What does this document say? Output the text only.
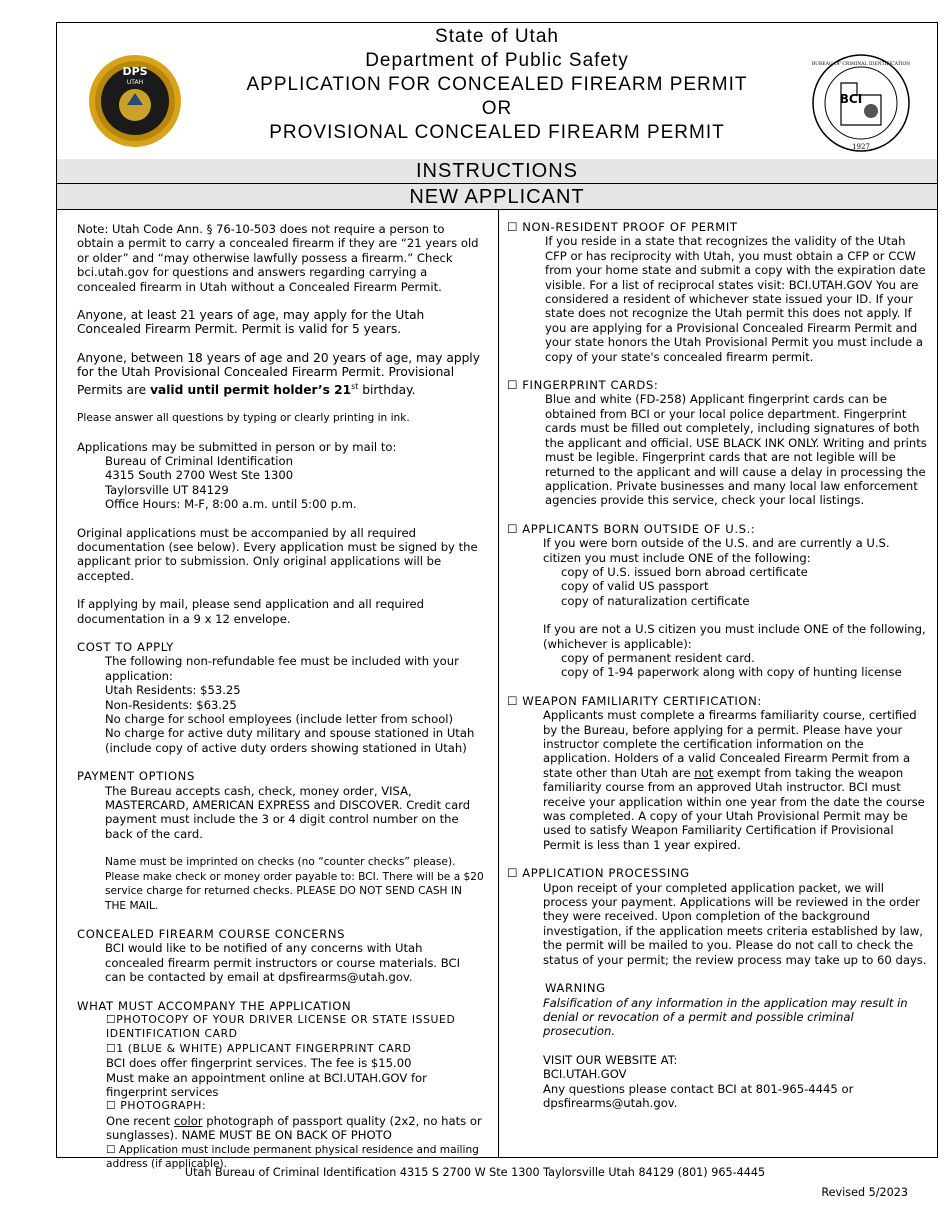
DPS
UTAH
State of Utah
Department of Public Safety
APPLICATION FOR CONCEALED FIREARM PERMIT
OR
PROVISIONAL CONCEALED FIREARM PERMIT
BCI
1927
BUREAU OF CRIMINAL IDENTIFICATION
INSTRUCTIONS
NEW APPLICANT

Note: Utah Code Ann. § 76-10-503 does not require a person to obtain a permit to carry a concealed firearm if they are “21 years old or older” and “may otherwise lawfully possess a firearm.” Check bci.utah.gov for questions and answers regarding carrying a concealed firearm in Utah without a Concealed Firearm Permit.

Anyone, at least 21 years of age, may apply for the Utah Concealed Firearm Permit. Permit is valid for 5 years.

Anyone, between 18 years of age and 20 years of age, may apply for the Utah Provisional Concealed Firearm Permit. Provisional Permits are valid until permit holder’s 21st birthday.

Please answer all questions by typing or clearly printing in ink.

Applications may be submitted in person or by mail to:

Bureau of Criminal Identification

4315 South 2700 West Ste 1300

Taylorsville UT 84129

Office Hours: M-F, 8:00 a.m. until 5:00 p.m.

Original applications must be accompanied by all required documentation (see below). Every application must be signed by the applicant prior to submission. Only original applications will be accepted.

If applying by mail, please send application and all required documentation in a 9 x 12 envelope.

COST TO APPLY

The following non-refundable fee must be included with your application:

Utah Residents: $53.25

Non-Residents: $63.25

No charge for school employees (include letter from school)

No charge for active duty military and spouse stationed in Utah (include copy of active duty orders showing stationed in Utah)

PAYMENT OPTIONS

The Bureau accepts cash, check, money order, VISA, MASTERCARD, AMERICAN EXPRESS and DISCOVER. Credit card payment must include the 3 or 4 digit control number on the back of the card.

Name must be imprinted on checks (no “counter checks” please). Please make check or money order payable to: BCI. There will be a $20 service charge for returned checks. PLEASE DO NOT SEND CASH IN THE MAIL.

CONCEALED FIREARM COURSE CONCERNS

BCI would like to be notified of any concerns with Utah concealed firearm permit instructors or course materials. BCI can be contacted by email at dpsfirearms@utah.gov.

WHAT MUST ACCOMPANY THE APPLICATION

☐PHOTOCOPY OF YOUR DRIVER LICENSE OR STATE ISSUED IDENTIFICATION CARD

☐1 (BLUE & WHITE) APPLICANT FINGERPRINT CARD

BCI does offer fingerprint services. The fee is $15.00

Must make an appointment online at BCI.UTAH.GOV for fingerprint services

☐ PHOTOGRAPH:

One recent color photograph of passport quality (2x2, no hats or sunglasses). NAME MUST BE ON BACK OF PHOTO

☐ Application must include permanent physical residence and mailing address (if applicable).

☐ NON-RESIDENT PROOF OF PERMIT

If you reside in a state that recognizes the validity of the Utah CFP or has reciprocity with Utah, you must obtain a CFP or CCW from your home state and submit a copy with the expiration date visible. For a list of reciprocal states visit: BCI.UTAH.GOV You are considered a resident of whichever state issued your ID. If your state does not recognize the Utah permit this does not apply. If you are applying for a Provisional Concealed Firearm Permit and your state honors the Utah Provisional Permit you must include a copy of your state's concealed firearm permit.

☐ FINGERPRINT CARDS:

Blue and white (FD-258) Applicant fingerprint cards can be obtained from BCI or your local police department. Fingerprint cards must be filled out completely, including signatures of both the applicant and official. USE BLACK INK ONLY. Writing and prints must be legible. Fingerprint cards that are not legible will be returned to the applicant and will cause a delay in processing the application. Private businesses and many local law enforcement agencies provide this service, check your local listings.

☐ APPLICANTS BORN OUTSIDE OF U.S.:

If you were born outside of the U.S. and are currently a U.S. citizen you must include ONE of the following:

copy of U.S. issued born abroad certificate

copy of valid US passport

copy of naturalization certificate

If you are not a U.S citizen you must include ONE of the following, (whichever is applicable):

copy of permanent resident card.

copy of 1-94 paperwork along with copy of hunting license

☐ WEAPON FAMILIARITY CERTIFICATION:

Applicants must complete a firearms familiarity course, certified by the Bureau, before applying for a permit. Please have your instructor complete the certification information on the application. Holders of a valid Concealed Firearm Permit from a state other than Utah are not exempt from taking the weapon familiarity course from an approved Utah instructor. BCI must receive your application within one year from the date the course was completed. A copy of your Utah Provisional Permit may be used to satisfy Weapon Familiarity Certification if Provisional Permit is less than 1 year expired.

☐ APPLICATION PROCESSING

Upon receipt of your completed application packet, we will process your payment. Applications will be reviewed in the order they were received. Upon completion of the background investigation, if the application meets criteria established by law, the permit will be mailed to you. Please do not call to check the status of your permit; the review process may take up to 60 days.

WARNING

Falsification of any information in the application may result in denial or revocation of a permit and possible criminal prosecution.

VISIT OUR WEBSITE AT:

BCI.UTAH.GOV

Any questions please contact BCI at 801-965-4445 or dpsfirearms@utah.gov.

Utah Bureau of Criminal Identification 4315 S 2700 W Ste 1300 Taylorsville Utah 84129 (801) 965-4445
Revised 5/2023
